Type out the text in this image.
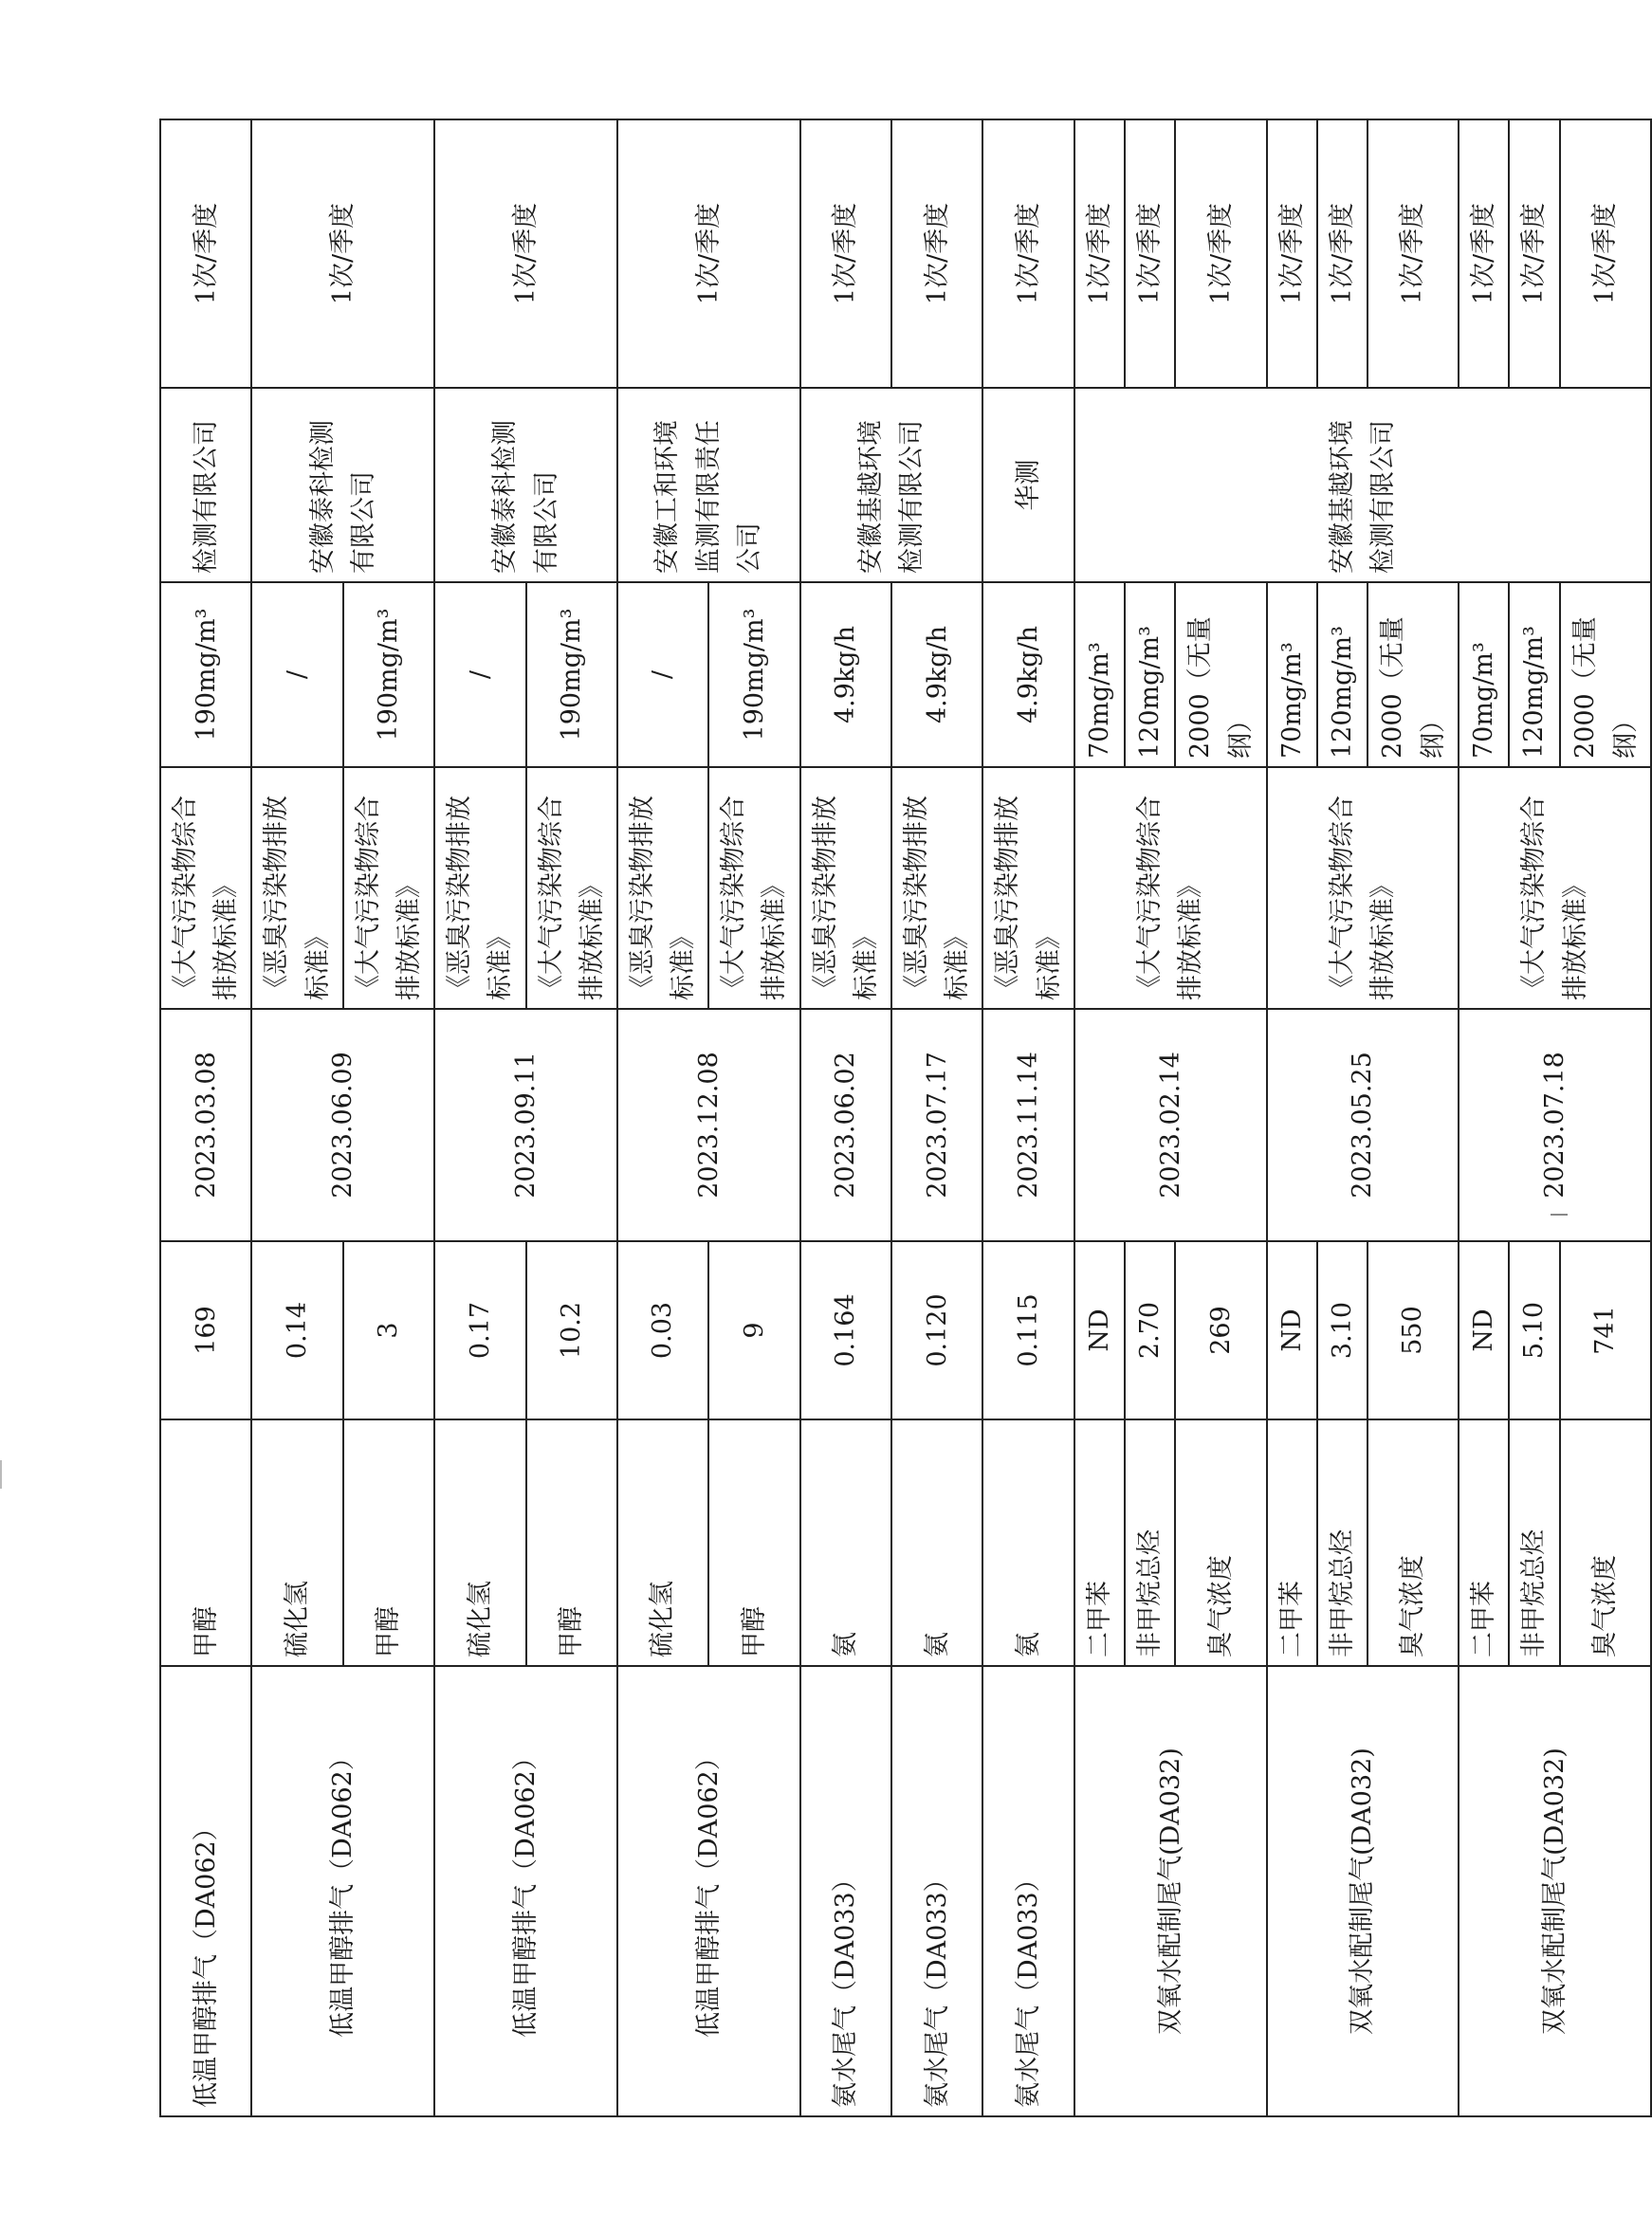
低温甲醇排气（DA062）	甲醇	169	2023.03.08	《大气污染物综合排放标准》	190mg/m³	检测有限公司	1次/季度
低温甲醇排气（DA062）	硫化氢	0.14	2023.06.09	《恶臭污染物排放标准》	/	安徽泰科检测有限公司	1次/季度
	甲醇	3		《大气污染物综合排放标准》	190mg/m³		
低温甲醇排气（DA062）	硫化氢	0.17	2023.09.11	《恶臭污染物排放标准》	/	安徽泰科检测有限公司	1次/季度
	甲醇	10.2		《大气污染物综合排放标准》	190mg/m³		
低温甲醇排气（DA062）	硫化氢	0.03	2023.12.08	《恶臭污染物排放标准》	/	安徽工和环境监测有限责任公司	1次/季度
	甲醇	9		《大气污染物综合排放标准》	190mg/m³		
氨水尾气（DA033）	氨	0.164	2023.06.02	《恶臭污染物排放标准》	4.9kg/h	安徽基越环境检测有限公司	1次/季度
氨水尾气（DA033）	氨	0.120	2023.07.17	《恶臭污染物排放标准》	4.9kg/h		1次/季度
氨水尾气（DA033）	氨	0.115	2023.11.14	《恶臭污染物排放标准》	4.9kg/h	华测	1次/季度
双氧水配制尾气(DA032)	二甲苯	ND	2023.02.14	《大气污染物综合排放标准》	70mg/m³	安徽基越环境检测有限公司	1次/季度
	非甲烷总烃	2.70			120mg/m³		1次/季度
	臭气浓度	269			2000（无量纲）		1次/季度
双氧水配制尾气(DA032)	二甲苯	ND	2023.05.25	《大气污染物综合排放标准》	70mg/m³		1次/季度
	非甲烷总烃	3.10			120mg/m³		1次/季度
	臭气浓度	550			2000（无量纲）		1次/季度
双氧水配制尾气(DA032)	二甲苯	ND	2023.07.18	《大气污染物综合排放标准》	70mg/m³		1次/季度
	非甲烷总烃	5.10			120mg/m³		1次/季度
	臭气浓度	741			2000（无量纲）		1次/季度
